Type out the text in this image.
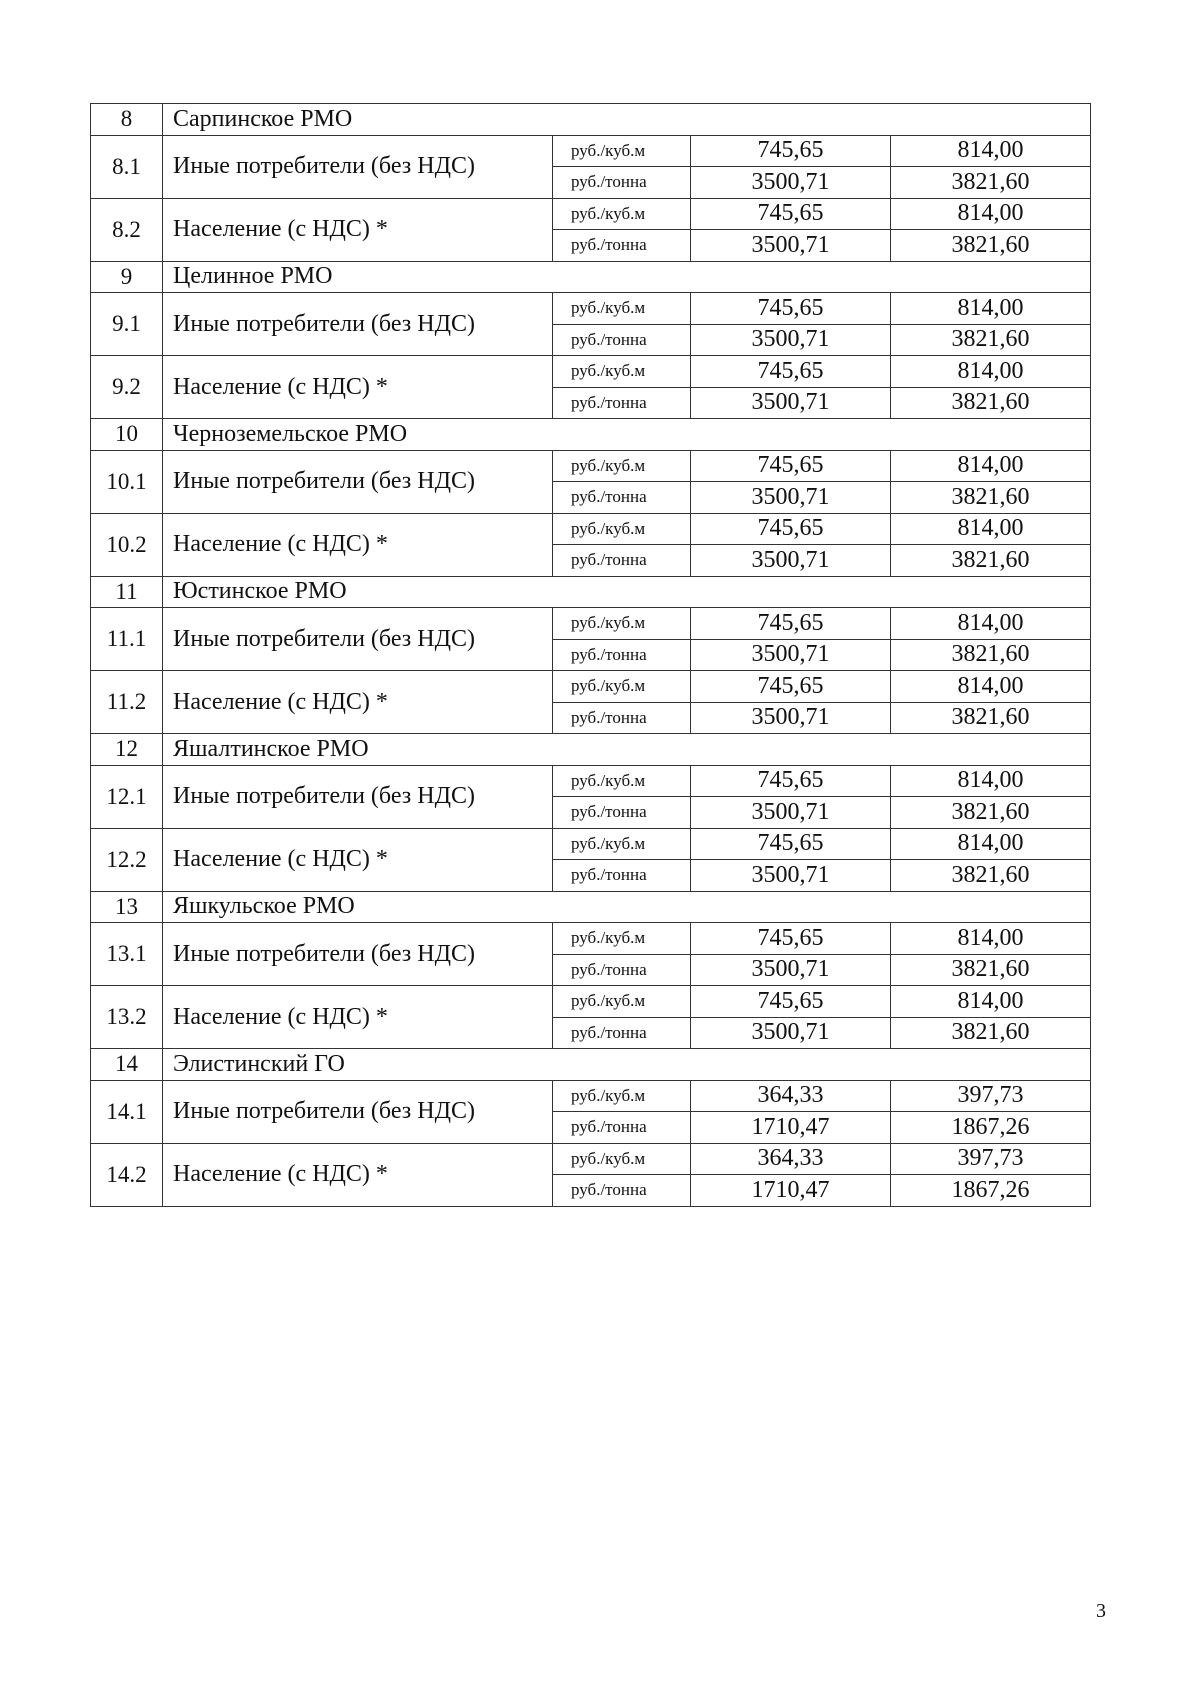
8	Сарпинское РМО			
8.1	Иные потребители (без НДС)	руб./куб.м	745,65	814,00
		руб./тонна	3500,71	3821,60
8.2	Население (с НДС) *	руб./куб.м	745,65	814,00
		руб./тонна	3500,71	3821,60
9	Целинное РМО			
9.1	Иные потребители (без НДС)	руб./куб.м	745,65	814,00
		руб./тонна	3500,71	3821,60
9.2	Население (с НДС) *	руб./куб.м	745,65	814,00
		руб./тонна	3500,71	3821,60
10	Черноземельское РМО			
10.1	Иные потребители (без НДС)	руб./куб.м	745,65	814,00
		руб./тонна	3500,71	3821,60
10.2	Население (с НДС) *	руб./куб.м	745,65	814,00
		руб./тонна	3500,71	3821,60
11	Юстинское РМО			
11.1	Иные потребители (без НДС)	руб./куб.м	745,65	814,00
		руб./тонна	3500,71	3821,60
11.2	Население (с НДС) *	руб./куб.м	745,65	814,00
		руб./тонна	3500,71	3821,60
12	Яшалтинское РМО			
12.1	Иные потребители (без НДС)	руб./куб.м	745,65	814,00
		руб./тонна	3500,71	3821,60
12.2	Население (с НДС) *	руб./куб.м	745,65	814,00
		руб./тонна	3500,71	3821,60
13	Яшкульское РМО			
13.1	Иные потребители (без НДС)	руб./куб.м	745,65	814,00
		руб./тонна	3500,71	3821,60
13.2	Население (с НДС) *	руб./куб.м	745,65	814,00
		руб./тонна	3500,71	3821,60
14	Элистинский ГО			
14.1	Иные потребители (без НДС)	руб./куб.м	364,33	397,73
		руб./тонна	1710,47	1867,26
14.2	Население (с НДС) *	руб./куб.м	364,33	397,73
		руб./тонна	1710,47	1867,26
3
